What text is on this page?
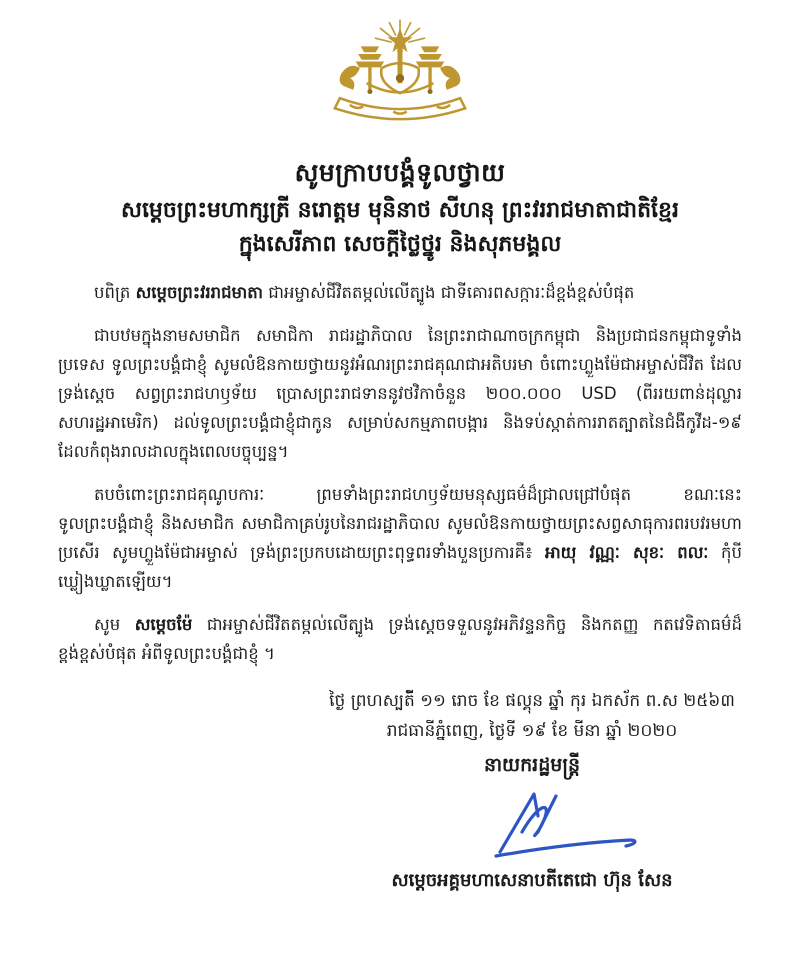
សូមក្រាបបង្គំទូលថ្វាយ
សម្តេចព្រះមហាក្សត្រី នរោត្តម មុនិនាថ សីហនុ ព្រះវររាជមាតាជាតិខ្មែរ
ក្នុងសេរីភាព សេចក្តីថ្លៃថ្នូរ និងសុភមង្គល

បពិត្រ សម្តេចព្រះវររាជមាតា ជាអម្ចាស់ជីវិតតម្កល់លើត្បូង ជាទីគោរពសក្ការៈដ៏ខ្ពង់ខ្ពស់បំផុត

ជាបឋមក្នុងនាមសមាជិក សមាជិកា រាជរដ្ឋាភិបាល នៃព្រះរាជាណាចក្រកម្ពុជា និងប្រជាជនកម្ពុជាទូទាំងប្រទេស ទូលព្រះបង្គំជាខ្ញុំ សូមលំឱនកាយថ្វាយនូវអំណរព្រះរាជគុណជាអតិបរមា ចំពោះហ្លួងម៉ែជាអម្ចាស់ជីវិត ដែលទ្រង់ស្តេច សព្វព្រះរាជហឫទ័យ ប្រោសព្រះរាជទាននូវថវិកាចំនួន ២០០.០០០ USD (ពីររយពាន់ដុល្លារសហរដ្ឋអាមេរិក) ដល់ទូលព្រះបង្គំជាខ្ញុំជាកូន សម្រាប់សកម្មភាពបង្ការ និងទប់ស្កាត់ការរាតត្បាតនៃជំងឺកូវីដ-១៩ ដែលកំពុងរាលដាលក្នុងពេលបច្ចុប្បន្ន។

តបចំពោះព្រះរាជគុណូបការៈ ព្រមទាំងព្រះរាជហឫទ័យមនុស្សធម៌ដ៏ជ្រាលជ្រៅបំផុត ខណៈនេះទូលព្រះបង្គំជាខ្ញុំ និងសមាជិក សមាជិកាគ្រប់រូបនៃរាជរដ្ឋាភិបាល សូមលំឱនកាយថ្វាយព្រះសព្វសាធុការពរបវរមហាប្រសើរ សូមហ្លួងម៉ែជាអម្ចាស់ ទ្រង់ព្រះប្រកបដោយព្រះពុទ្ធពរទាំងបួនប្រការគឺ៖ អាយុ វណ្ណៈ សុខៈ ពលៈ កុំបីឃ្លៀងឃ្លាតឡើយ។

សូម សម្តេចម៉ែ ជាអម្ចាស់ជីវិតតម្កល់លើត្បូង ទ្រង់ស្តេចទទួលនូវអភិវន្ទនកិច្ច និងកតញ្ញ កតវេទិតាធម៌ដ៏ខ្ពង់ខ្ពស់បំផុត អំពីទូលព្រះបង្គំជាខ្ញុំ ។

ថ្ងៃ ព្រហស្បតី៍ ១១ រោច ខែ ផល្គុន ឆ្នាំ កុរ ឯកស័ក ព.ស ២៥៦៣
រាជធានីភ្នំពេញ, ថ្ងៃទី ១៩ ខែ មីនា ឆ្នាំ ២០២០
នាយករដ្ឋមន្ត្រី
សម្តេចអគ្គមហាសេនាបតីតេជោ ហ៊ុន សែន
